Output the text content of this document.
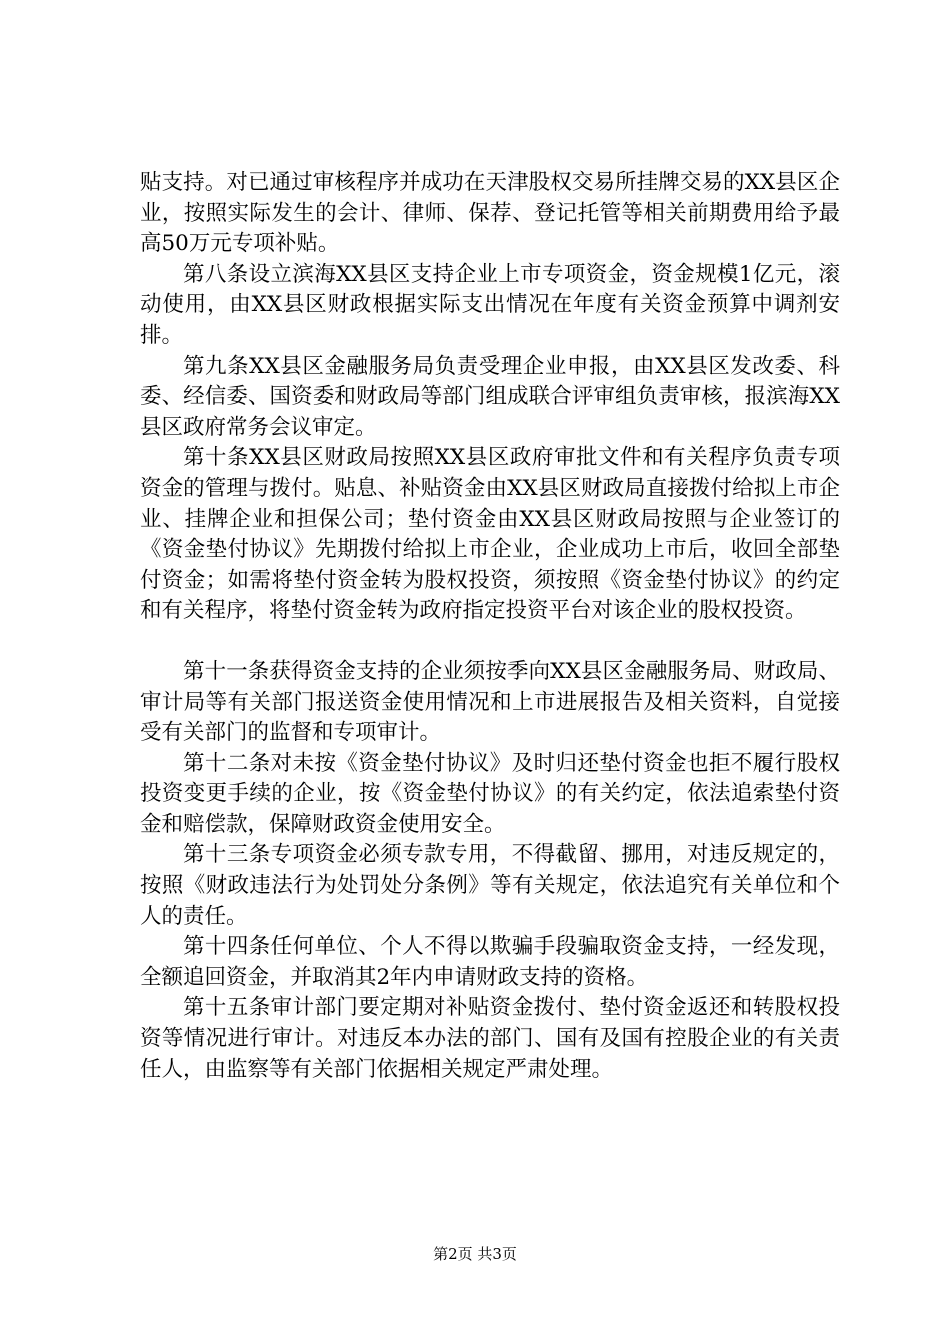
贴支持。对已通过审核程序并成功在天津股权交易所挂牌交易的XX县区企业，按照实际发生的会计、律师、保荐、登记托管等相关前期费用给予最高50万元专项补贴。

第八条设立滨海XX县区支持企业上市专项资金，资金规模1亿元，滚动使用，由XX县区财政根据实际支出情况在年度有关资金预算中调剂安排。

第九条XX县区金融服务局负责受理企业申报，由XX县区发改委、科委、经信委、国资委和财政局等部门组成联合评审组负责审核，报滨海XX县区政府常务会议审定。

第十条XX县区财政局按照XX县区政府审批文件和有关程序负责专项资金的管理与拨付。贴息、补贴资金由XX县区财政局直接拨付给拟上市企业、挂牌企业和担保公司；垫付资金由XX县区财政局按照与企业签订的《资金垫付协议》先期拨付给拟上市企业，企业成功上市后，收回全部垫付资金；如需将垫付资金转为股权投资，须按照《资金垫付协议》的约定和有关程序，将垫付资金转为政府指定投资平台对该企业的股权投资。

第十一条获得资金支持的企业须按季向XX县区金融服务局、财政局、审计局等有关部门报送资金使用情况和上市进展报告及相关资料，自觉接受有关部门的监督和专项审计。

第十二条对未按《资金垫付协议》及时归还垫付资金也拒不履行股权投资变更手续的企业，按《资金垫付协议》的有关约定，依法追索垫付资金和赔偿款，保障财政资金使用安全。

第十三条专项资金必须专款专用，不得截留、挪用，对违反规定的，按照《财政违法行为处罚处分条例》等有关规定，依法追究有关单位和个人的责任。

第十四条任何单位、个人不得以欺骗手段骗取资金支持，一经发现，全额追回资金，并取消其2年内申请财政支持的资格。

第十五条审计部门要定期对补贴资金拨付、垫付资金返还和转股权投资等情况进行审计。对违反本办法的部门、国有及国有控股企业的有关责任人，由监察等有关部门依据相关规定严肃处理。

第2页 共3页
